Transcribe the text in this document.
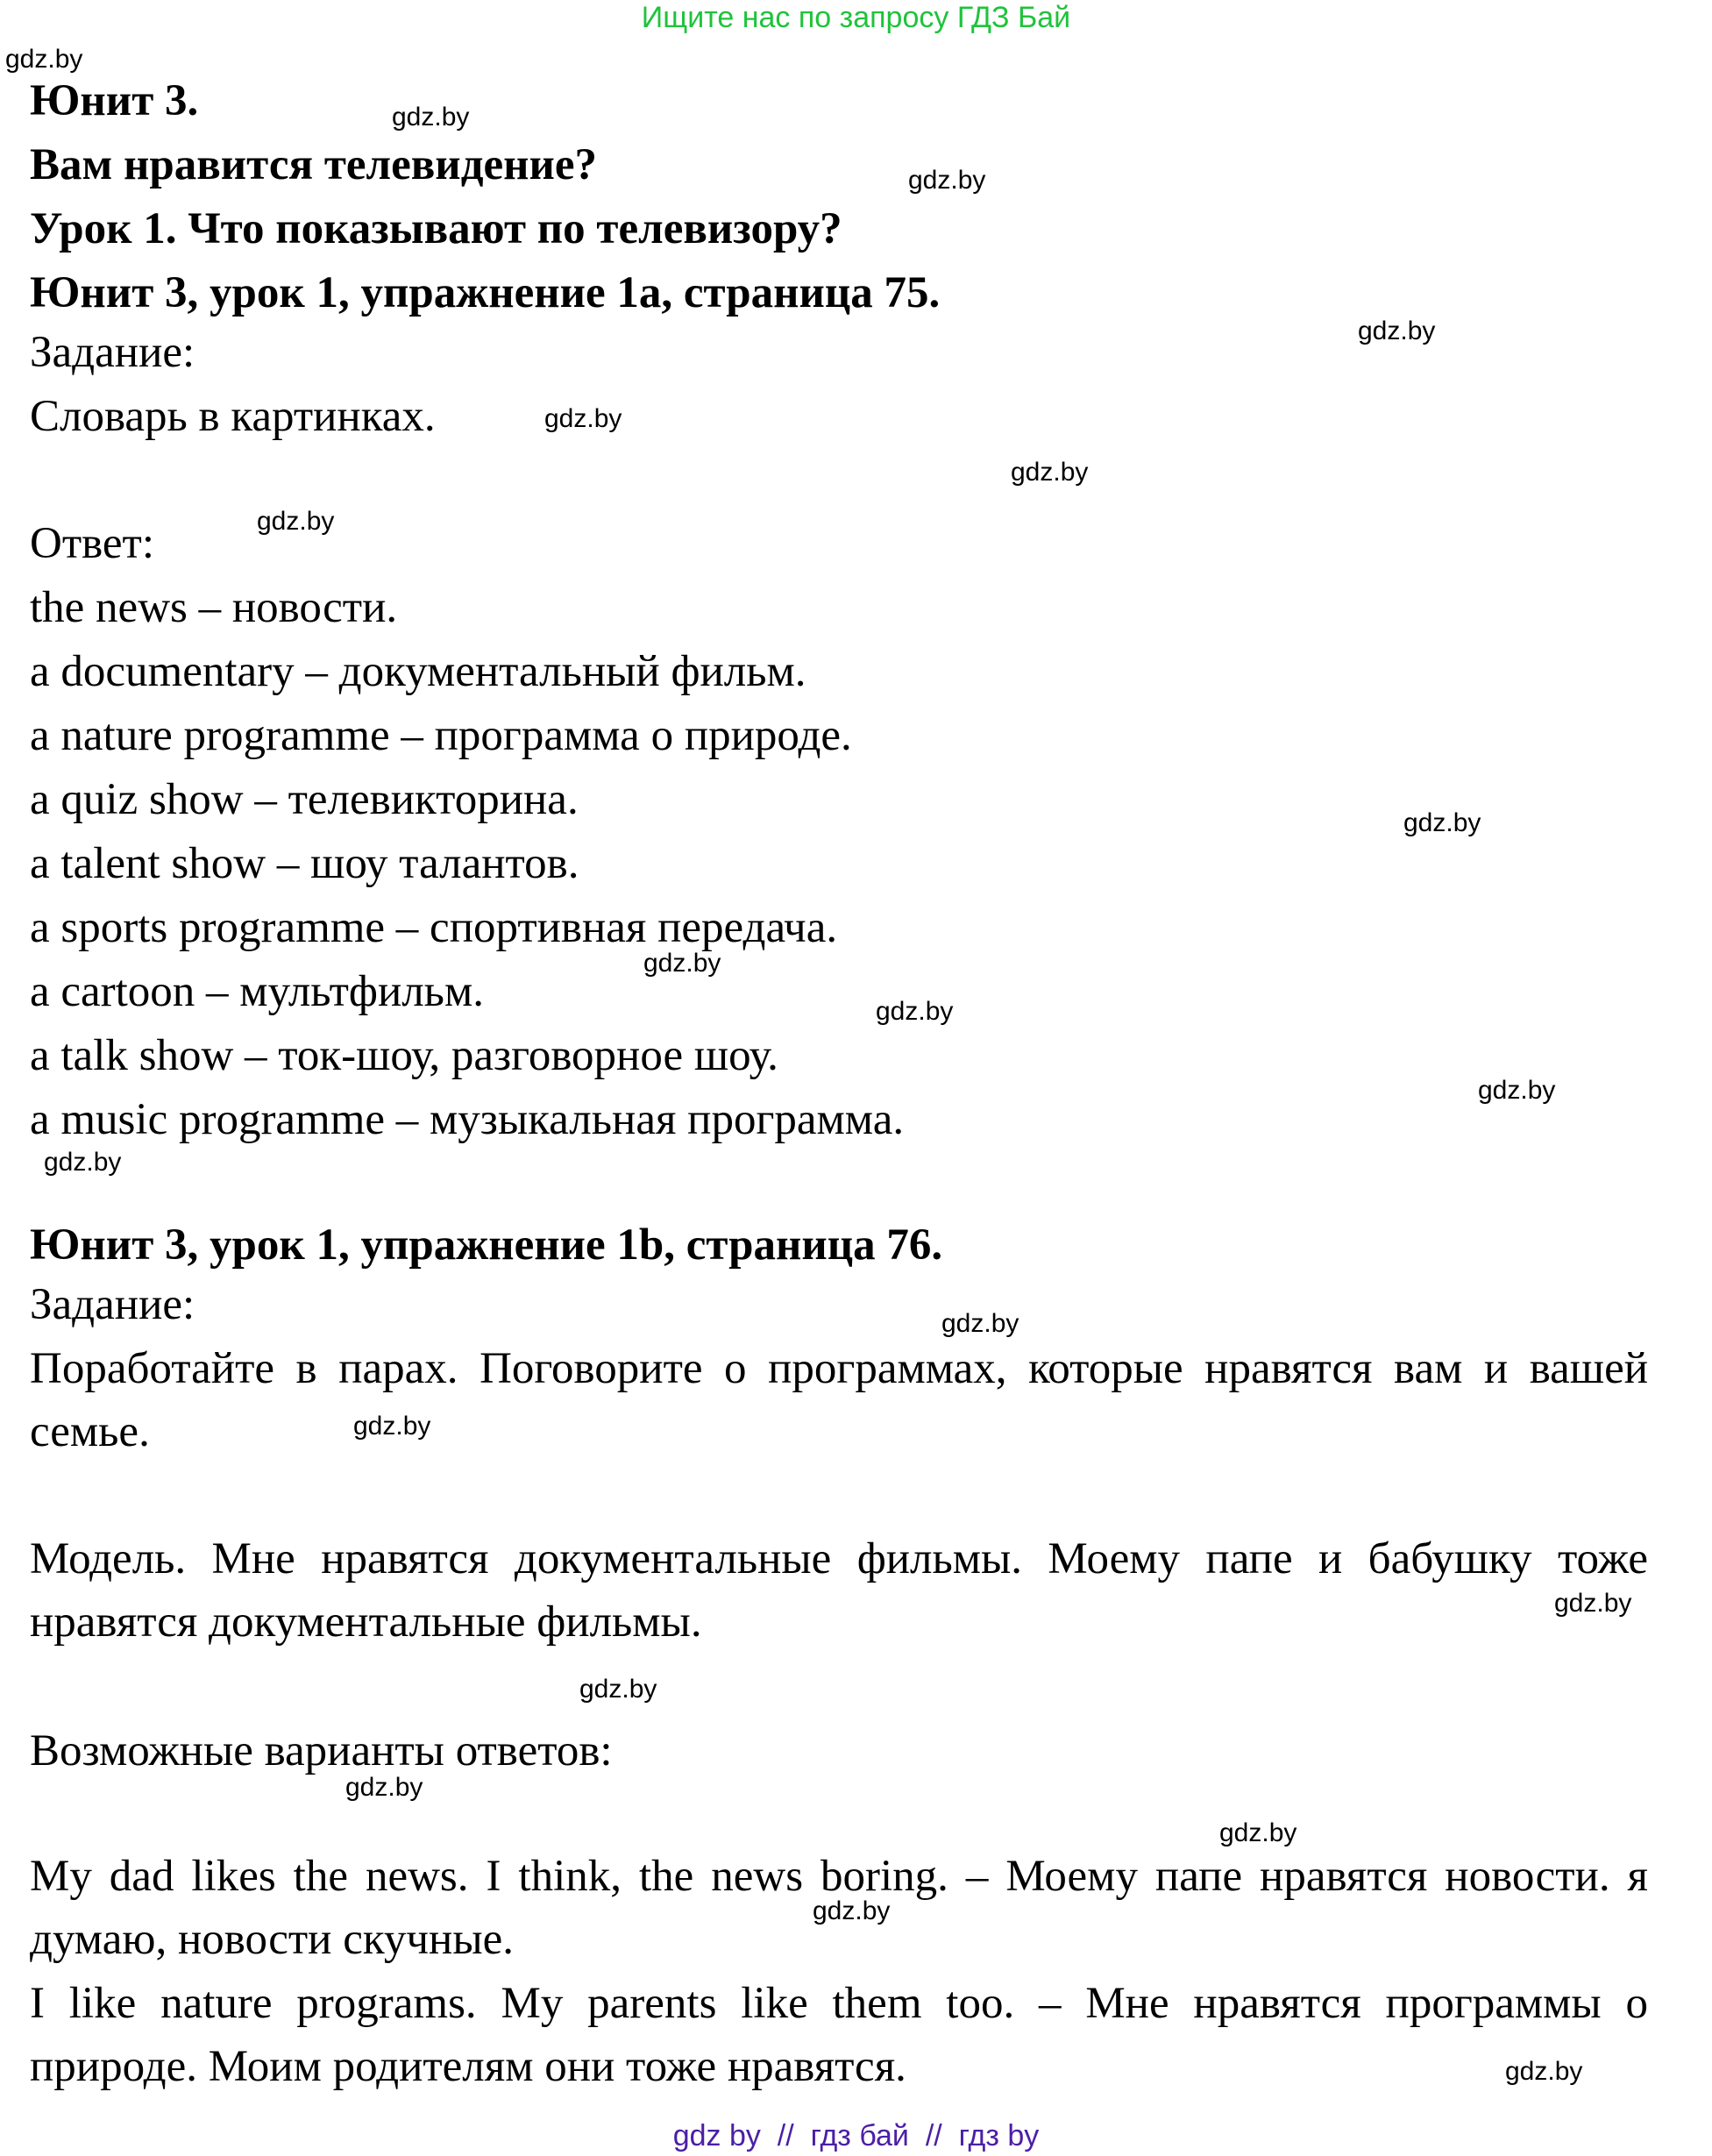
Ищите нас по запросу ГДЗ Бай
Юнит 3.
Вам нравится телевидение?
Урок 1. Что показывают по телевизору?
Юнит 3, урок 1, упражнение 1a, страница 75.
Задание:
Словарь в картинках.
Ответ:
the news – новости.
a documentary – документальный фильм.
a nature programme – программа о природе.
a quiz show – телевикторина.
a talent show – шоу талантов.
a sports programme – спортивная передача.
a cartoon – мультфильм.
a talk show – ток-шоу, разговорное шоу.
a music programme – музыкальная программа.
Юнит 3, урок 1, упражнение 1b, страница 76.
Задание:
Поработайте в парах. Поговорите о программах, которые нравятся вам и вашей семье.
Модель. Мне нравятся документальные фильмы. Моему папе и бабушку тоже нравятся документальные фильмы.
Возможные варианты ответов:
My dad likes the news. I think, the news boring. – Моему папе нравятся новости. я думаю, новости скучные.
I like nature programs. My parents like them too. – Мне нравятся программы о природе. Моим родителям они тоже нравятся.
gdz.by
gdz.by
gdz.by
gdz.by
gdz.by
gdz.by
gdz.by
gdz.by
gdz.by
gdz.by
gdz.by
gdz.by
gdz.by
gdz.by
gdz.by
gdz.by
gdz.by
gdz.by
gdz.by
gdz.by
gdz by  //  гдз бай  //  гдз by
